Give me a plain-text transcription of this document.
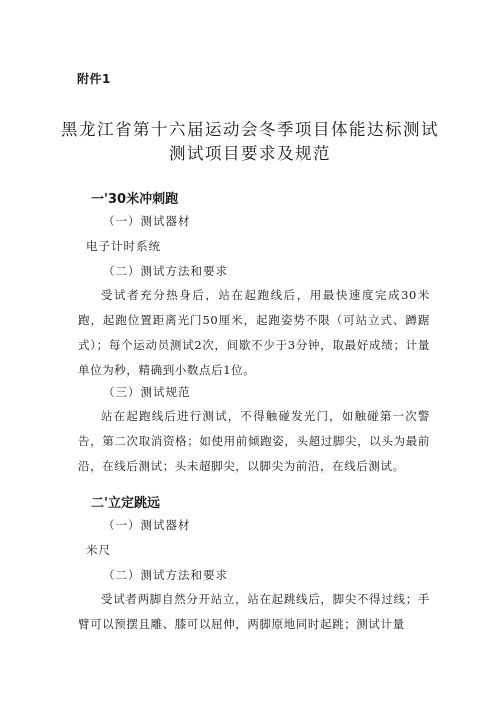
附件1
黑龙江省第十六届运动会冬季项目体能达标测试
测试项目要求及规范
一'30米冲刺跑
（一）测试器材
电子计时系统
（二）测试方法和要求

受试者充分热身后，站在起跑线后，用最快速度完成30米跑，起跑位置距离光门50厘米，起跑姿势不限（可站立式、蹲踞式）；每个运动员测试2次，间歇不少于3分钟，取最好成绩；计量单位为秒，精确到小数点后1位。

（三）测试规范

站在起跑线后进行测试，不得触碰发光门，如触碰第一次警告，第二次取消资格；如使用前倾跑姿，头超过脚尖，以头为最前沿，在线后测试；头未超脚尖，以脚尖为前沿，在线后测试。

二'立定跳远
（一）测试器材
米尺
（二）测试方法和要求

受试者两脚自然分开站立，站在起跳线后，脚尖不得过线；手臂可以预摆且雕、膝可以屈伸，两脚原地同时起跳；测试计量
